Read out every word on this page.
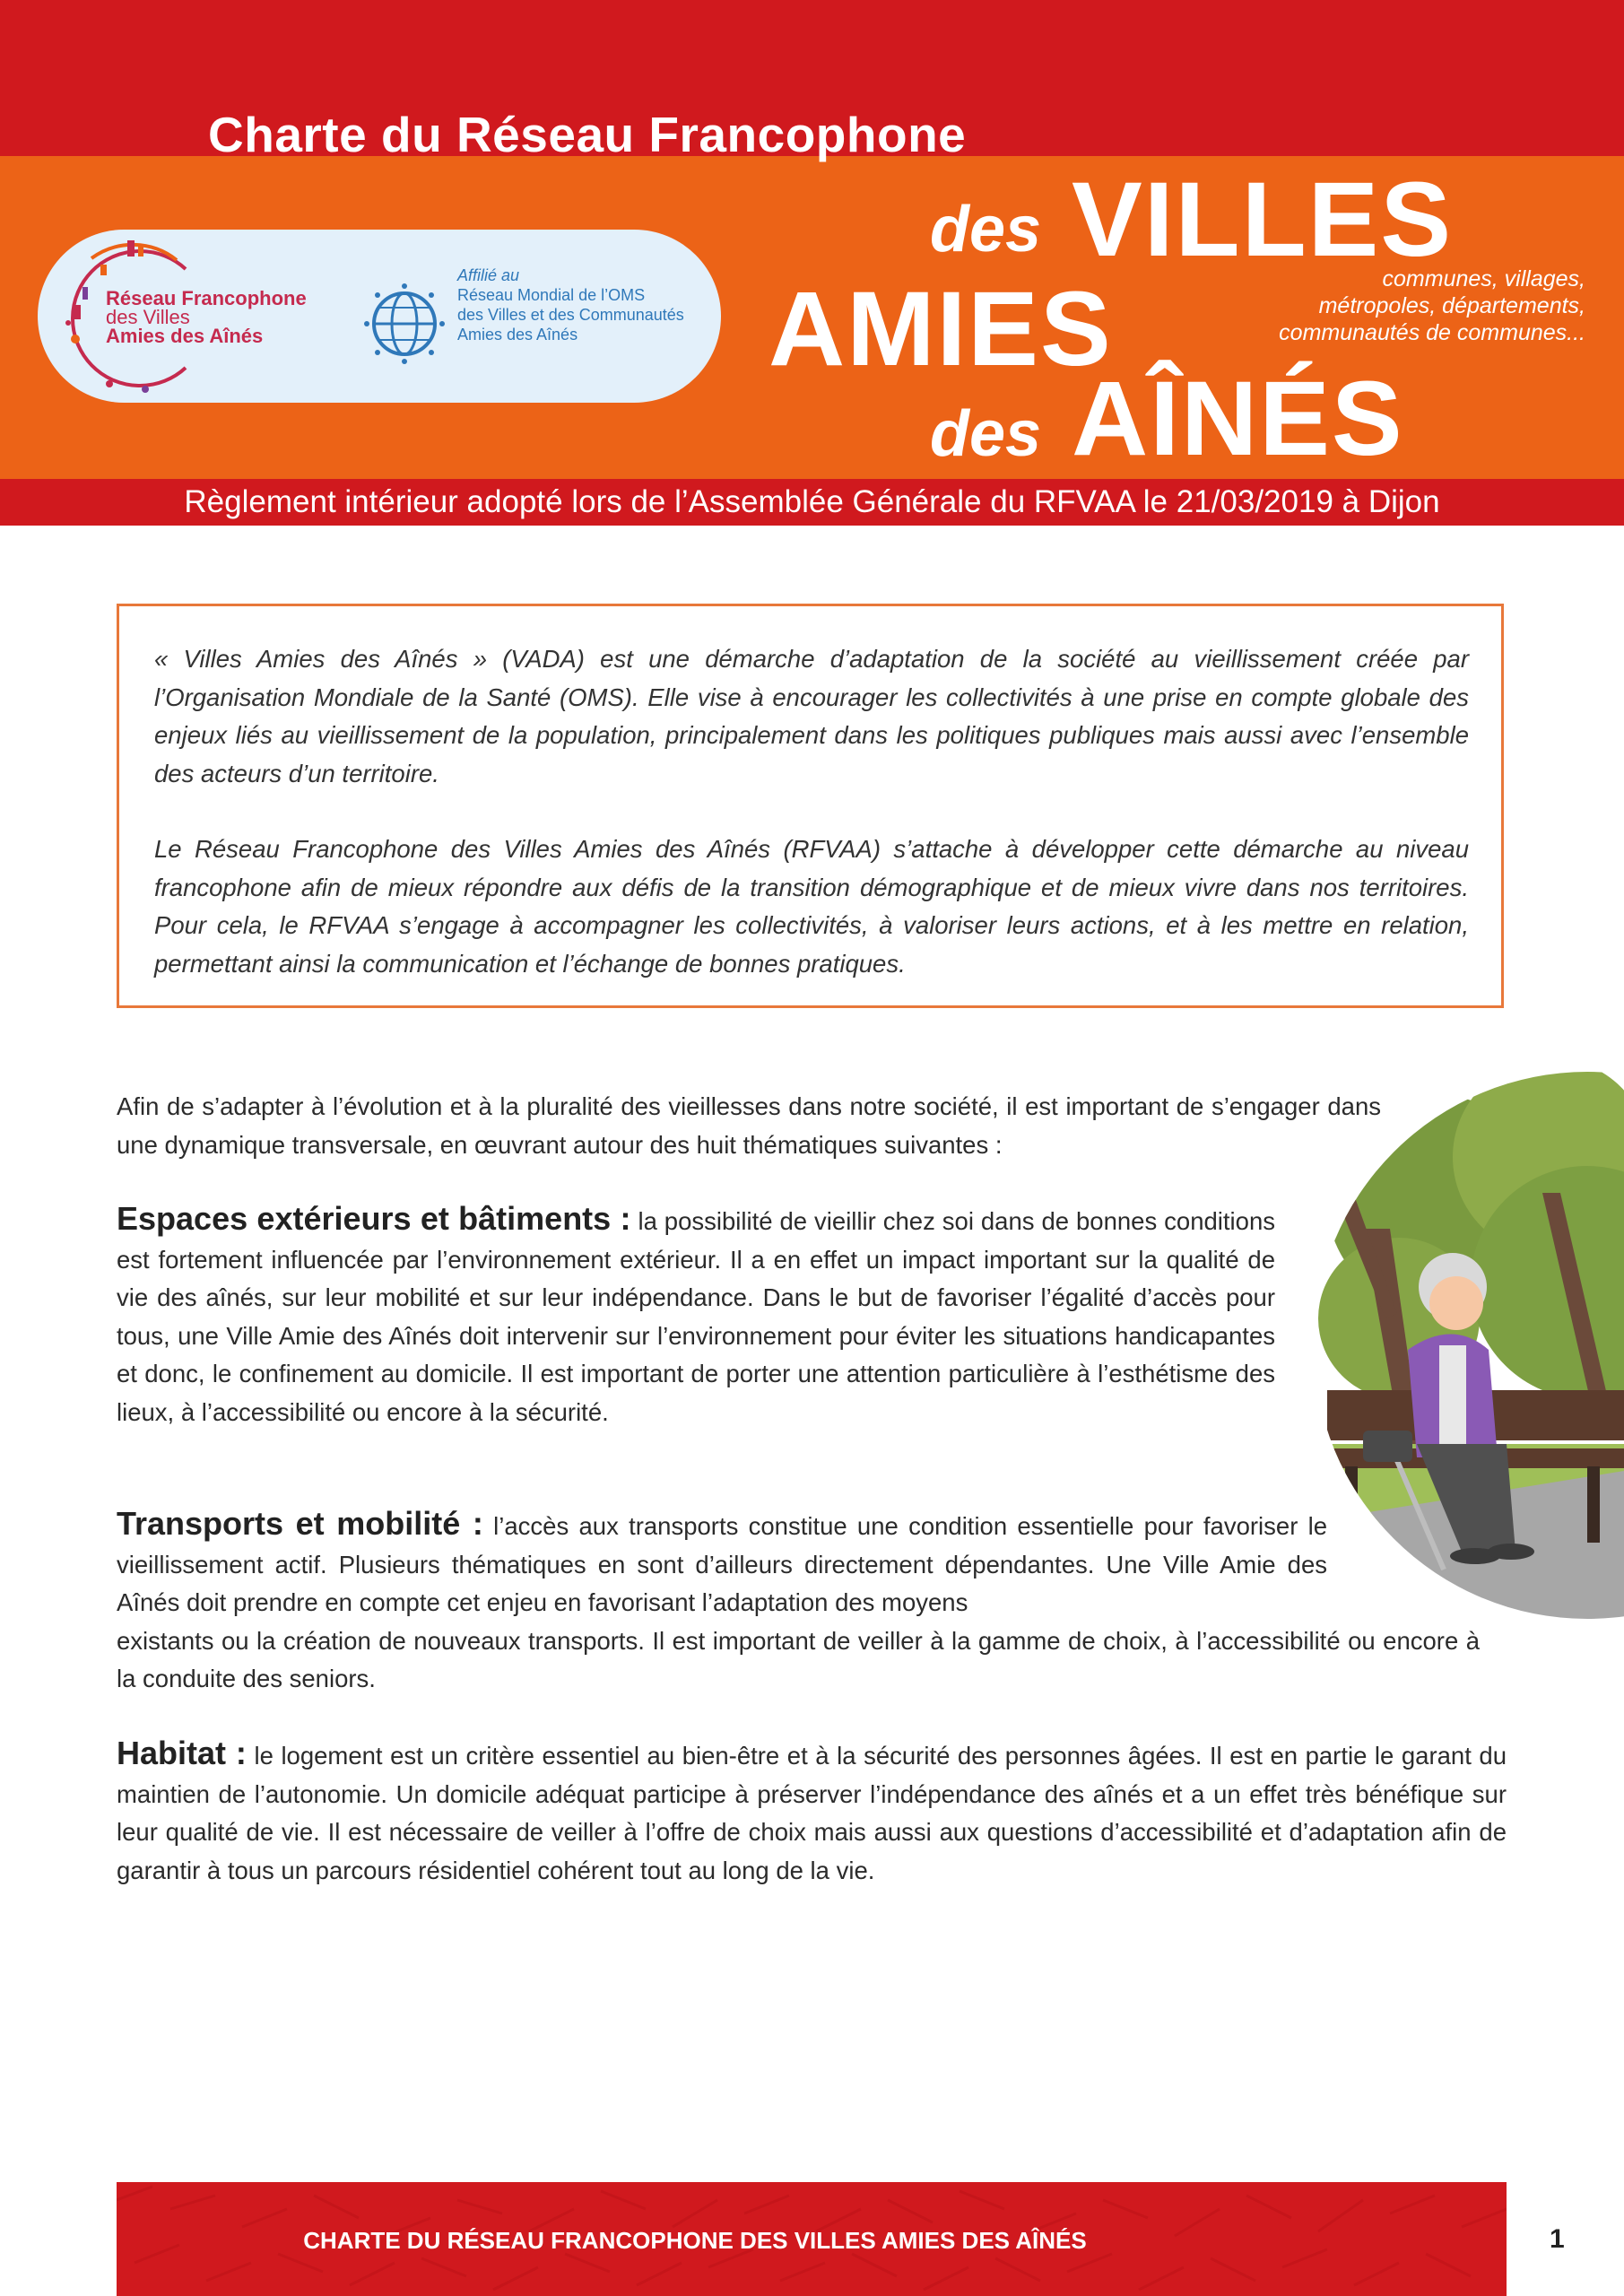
Charte du Réseau Francophone
des VILLES
AMIES
des AÎNÉS
communes, villages,
métropoles, départements,
communautés de communes...
Réseau Francophone
des Villes
Amies des Aînés
Affilié au
Réseau Mondial de l’OMS
des Villes et des Communautés
Amies des Aînés
Règlement intérieur adopté lors de l’Assemblée Générale du RFVAA le 21/03/2019 à Dijon
« Villes Amies des Aînés » (VADA) est une démarche d’adaptation de la société au vieillissement créée par l’Organisation Mondiale de la Santé (OMS). Elle vise à encourager les collectivités à une prise en compte globale des enjeux liés au vieillissement de la population, principalement dans les politiques publiques mais aussi avec l’ensemble des acteurs d’un territoire.
Le Réseau Francophone des Villes Amies des Aînés (RFVAA) s’attache à développer cette démarche au niveau francophone afin de mieux répondre aux défis de la transition démographique et de mieux vivre dans nos territoires. Pour cela, le RFVAA s’engage à accompagner les collectivités, à valoriser leurs actions, et à les mettre en relation, permettant ainsi la communication et l’échange de bonnes pratiques.
Afin de s’adapter à l’évolution et à la pluralité des vieillesses dans notre société, il est important de s’engager dans une dynamique transversale, en œuvrant autour des huit thématiques suivantes :
Espaces extérieurs et bâtiments : la possibilité de vieillir chez soi dans de bonnes conditions est fortement influencée par l’environnement extérieur. Il a en effet un impact important sur la qualité de vie des aînés, sur leur mobilité et sur leur indépendance. Dans le but de favoriser l’égalité d’accès pour tous, une Ville Amie des Aînés doit intervenir sur l’environnement pour éviter les situations handicapantes et donc, le confinement au domicile. Il est important de porter une attention particulière à l’esthétisme des lieux, à l’accessibilité ou encore à la sécurité.
Transports et mobilité : l’accès aux transports constitue une condition essentielle pour favoriser le vieillissement actif. Plusieurs thématiques en sont d’ailleurs directement dépendantes. Une Ville Amie des Aînés doit prendre en compte cet enjeu en favorisant l’adaptation des moyens
existants ou la création de nouveaux transports. Il est important de veiller à la gamme de choix, à l’accessibilité ou encore à la conduite des seniors.
Habitat : le logement est un critère essentiel au bien-être et à la sécurité des personnes âgées. Il est en partie le garant du maintien de l’autonomie. Un domicile adéquat participe à préserver l’indépendance des aînés et a un effet très bénéfique sur leur qualité de vie. Il est nécessaire de veiller à l’offre de choix mais aussi aux questions d’accessibilité et d’adaptation afin de garantir à tous un parcours résidentiel cohérent tout au long de la vie.
CHARTE DU RÉSEAU FRANCOPHONE DES VILLES AMIES DES AÎNÉS	1
